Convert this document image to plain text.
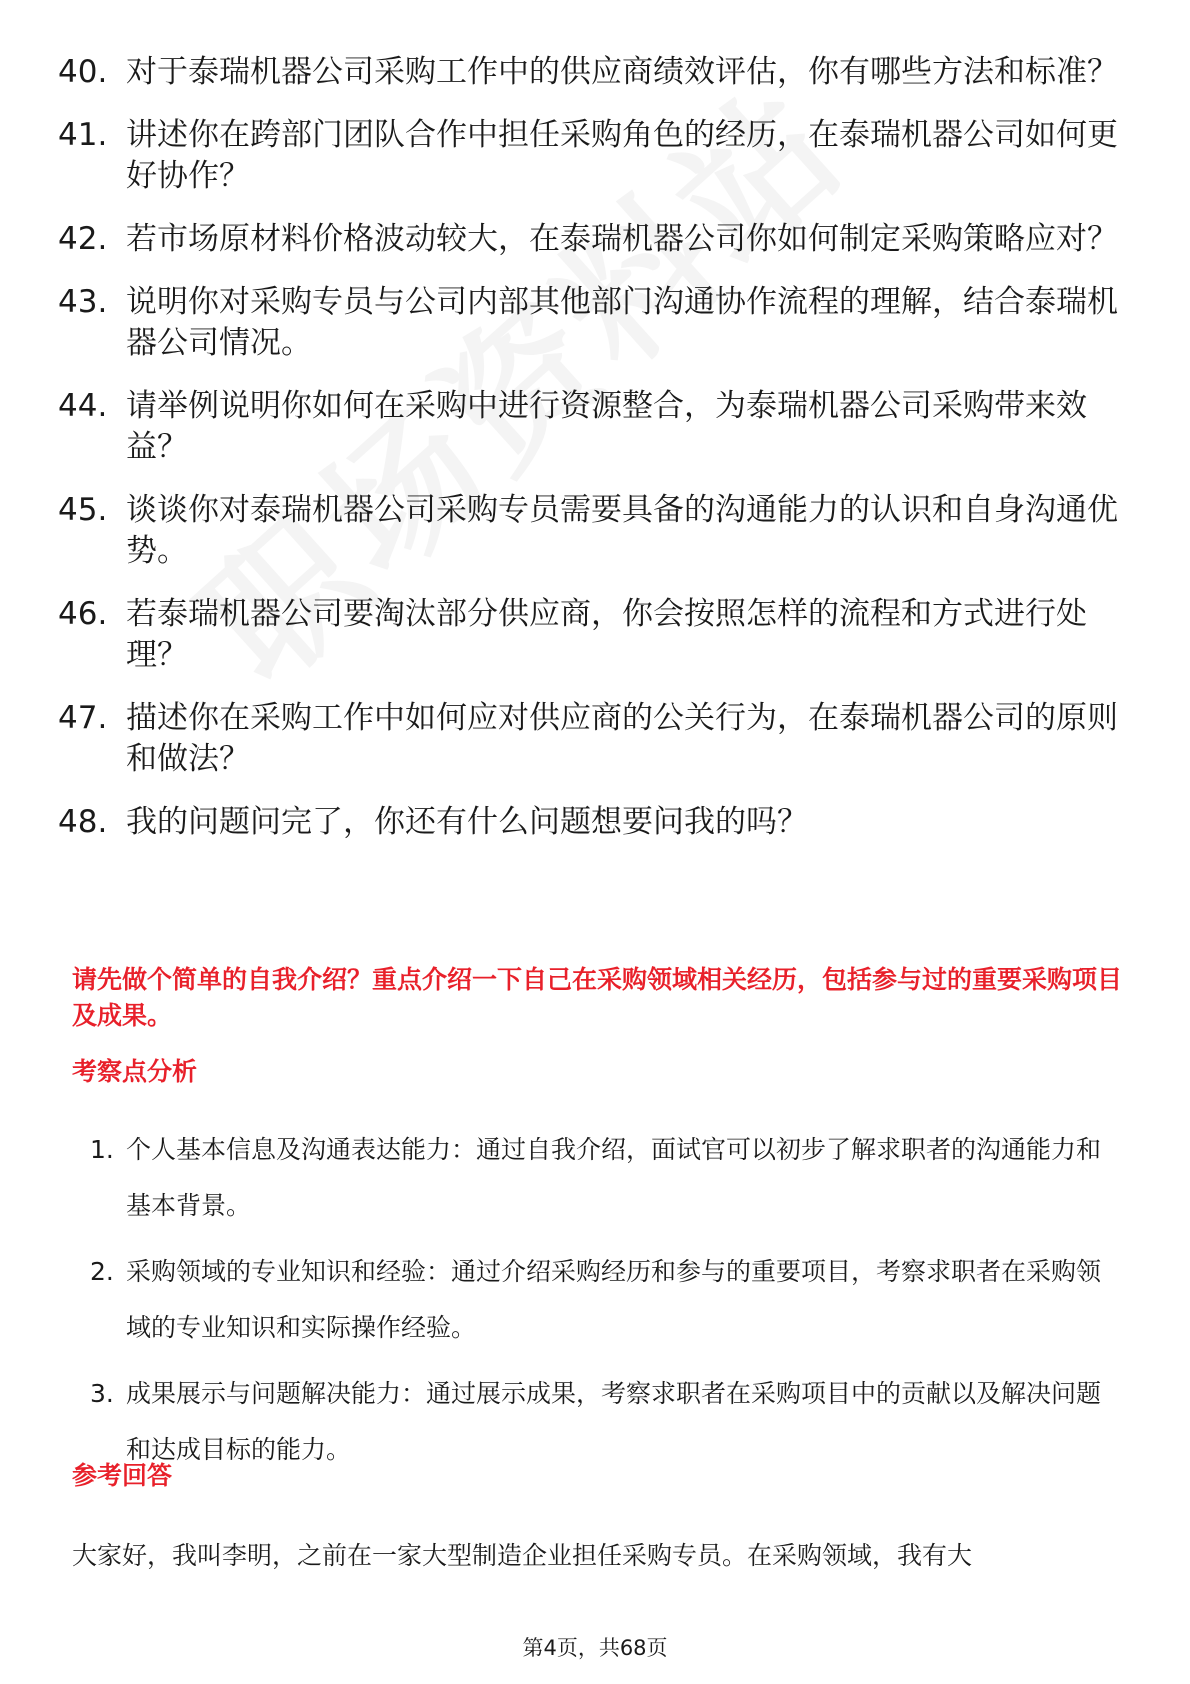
40. 对于泰瑞机器公司采购工作中的供应商绩效评估，你有哪些方法和标准？
41. 讲述你在跨部门团队合作中担任采购角色的经历，在泰瑞机器公司如何更好协作？
42. 若市场原材料价格波动较大，在泰瑞机器公司你如何制定采购策略应对？
43. 说明你对采购专员与公司内部其他部门沟通协作流程的理解，结合泰瑞机器公司情况。
44. 请举例说明你如何在采购中进行资源整合，为泰瑞机器公司采购带来效益？
45. 谈谈你对泰瑞机器公司采购专员需要具备的沟通能力的认识和自身沟通优势。
46. 若泰瑞机器公司要淘汰部分供应商，你会按照怎样的流程和方式进行处理？
47. 描述你在采购工作中如何应对供应商的公关行为，在泰瑞机器公司的原则和做法？
48. 我的问题问完了，你还有什么问题想要问我的吗？
请先做个简单的自我介绍？重点介绍一下自己在采购领域相关经历，包括参与过的重要采购项目及成果。
考察点分析
1. 个人基本信息及沟通表达能力：通过自我介绍，面试官可以初步了解求职者的沟通能力和基本背景。
2. 采购领域的专业知识和经验：通过介绍采购经历和参与的重要项目，考察求职者在采购领域的专业知识和实际操作经验。
3. 成果展示与问题解决能力：通过展示成果，考察求职者在采购项目中的贡献以及解决问题和达成目标的能力。
参考回答
大家好，我叫李明，之前在一家大型制造企业担任采购专员。在采购领域，我有大
第4页，共68页
